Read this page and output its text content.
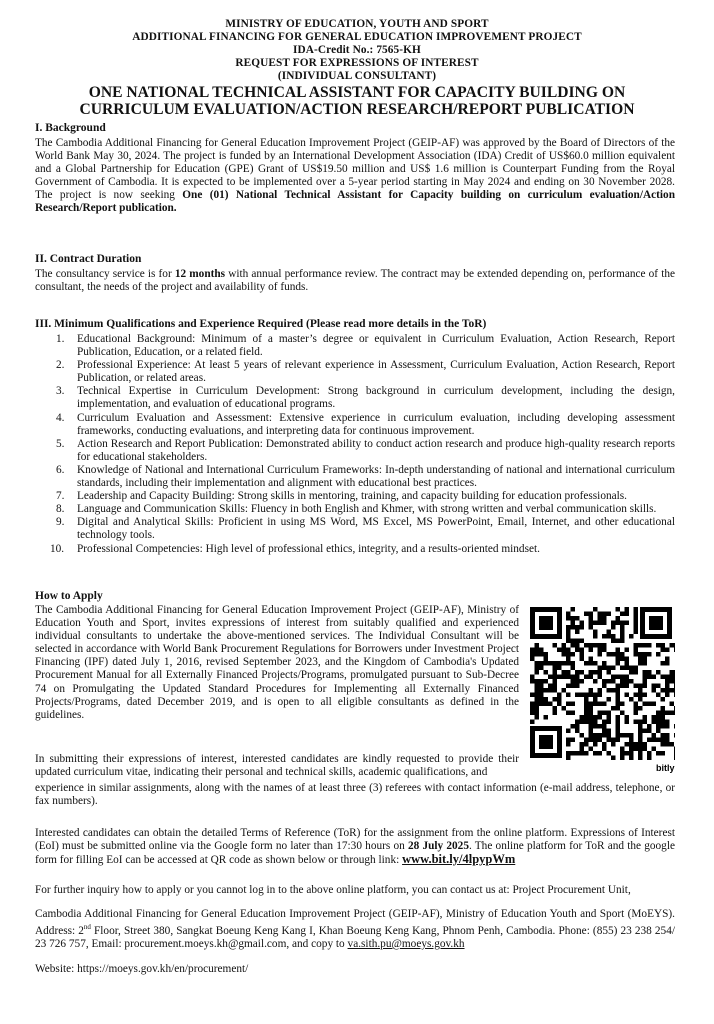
MINISTRY OF EDUCATION, YOUTH AND SPORT
ADDITIONAL FINANCING FOR GENERAL EDUCATION IMPROVEMENT PROJECT
IDA-Credit No.: 7565-KH
REQUEST FOR EXPRESSIONS OF INTEREST
(INDIVIDUAL CONSULTANT)
ONE NATIONAL TECHNICAL ASSISTANT FOR CAPACITY BUILDING ON
CURRICULUM EVALUATION/ACTION RESEARCH/REPORT PUBLICATION
I. Background
The Cambodia Additional Financing for General Education Improvement Project (GEIP-AF) was approved by the Board of Directors of the World Bank May 30, 2024. The project is funded by an International Development Association (IDA) Credit of US$60.0 million equivalent and a Global Partnership for Education (GPE) Grant of US$19.50 million and US$ 1.6 million is Counterpart Funding from the Royal Government of Cambodia. It is expected to be implemented over a 5-year period starting in May 2024 and ending on 30 November 2028. The project is now seeking One (01) National Technical Assistant for Capacity building on curriculum evaluation/Action Research/Report publication.
II. Contract Duration
The consultancy service is for 12 months with annual performance review. The contract may be extended depending on, performance of the consultant, the needs of the project and availability of funds.
III. Minimum Qualifications and Experience Required (Please read more details in the ToR)
1. Educational Background: Minimum of a master’s degree or equivalent in Curriculum Evaluation, Action Research, Report Publication, Education, or a related field.
2. Professional Experience: At least 5 years of relevant experience in Assessment, Curriculum Evaluation, Action Research, Report Publication, or related areas.
3. Technical Expertise in Curriculum Development: Strong background in curriculum development, including the design, implementation, and evaluation of educational programs.
4. Curriculum Evaluation and Assessment: Extensive experience in curriculum evaluation, including developing assessment frameworks, conducting evaluations, and interpreting data for continuous improvement.
5. Action Research and Report Publication: Demonstrated ability to conduct action research and produce high-quality research reports for educational stakeholders.
6. Knowledge of National and International Curriculum Frameworks: In-depth understanding of national and international curriculum standards, including their implementation and alignment with educational best practices.
7. Leadership and Capacity Building: Strong skills in mentoring, training, and capacity building for education professionals.
8. Language and Communication Skills: Fluency in both English and Khmer, with strong written and verbal communication skills.
9. Digital and Analytical Skills: Proficient in using MS Word, MS Excel, MS PowerPoint, Email, Internet, and other educational technology tools.
10. Professional Competencies: High level of professional ethics, integrity, and a results-oriented mindset.
How to Apply
The Cambodia Additional Financing for General Education Improvement Project (GEIP-AF), Ministry of Education Youth and Sport, invites expressions of interest from suitably qualified and experienced individual consultants to undertake the above-mentioned services. The Individual Consultant will be selected in accordance with World Bank Procurement Regulations for Borrowers under Investment Project Financing (IPF) dated July 1, 2016, revised September 2023, and the Kingdom of Cambodia's Updated Procurement Manual for all Externally Financed Projects/Programs, promulgated pursuant to Sub-Decree 74 on Promulgating the Updated Standard Procedures for Implementing all Externally Financed Projects/Programs, dated December 2019, and is open to all eligible consultants as defined in the guidelines.
In submitting their expressions of interest, interested candidates are kindly requested to provide their updated curriculum vitae, indicating their personal and technical skills, academic qualifications, and
experience in similar assignments, along with the names of at least three (3) referees with contact information (e-mail address, telephone, or fax numbers).
Interested candidates can obtain the detailed Terms of Reference (ToR) for the assignment from the online platform. Expressions of Interest (EoI) must be submitted online via the Google form no later than 17:30 hours on 28 July 2025. The online platform for ToR and the google form for filling EoI can be accessed at QR code as shown below or through link: www.bit.ly/4lpypWm
For further inquiry how to apply or you cannot log in to the above online platform, you can contact us at: Project Procurement Unit,
Cambodia Additional Financing for General Education Improvement Project (GEIP-AF), Ministry of Education Youth and Sport (MoEYS). Address: 2nd Floor, Street 380, Sangkat Boeung Keng Kang I, Khan Boeung Keng Kang, Phnom Penh, Cambodia. Phone: (855) 23 238 254/ 23 726 757, Email: procurement.moeys.kh@gmail.com, and copy to va.sith.pu@moeys.gov.kh
Website: https://moeys.gov.kh/en/procurement/
bitly
